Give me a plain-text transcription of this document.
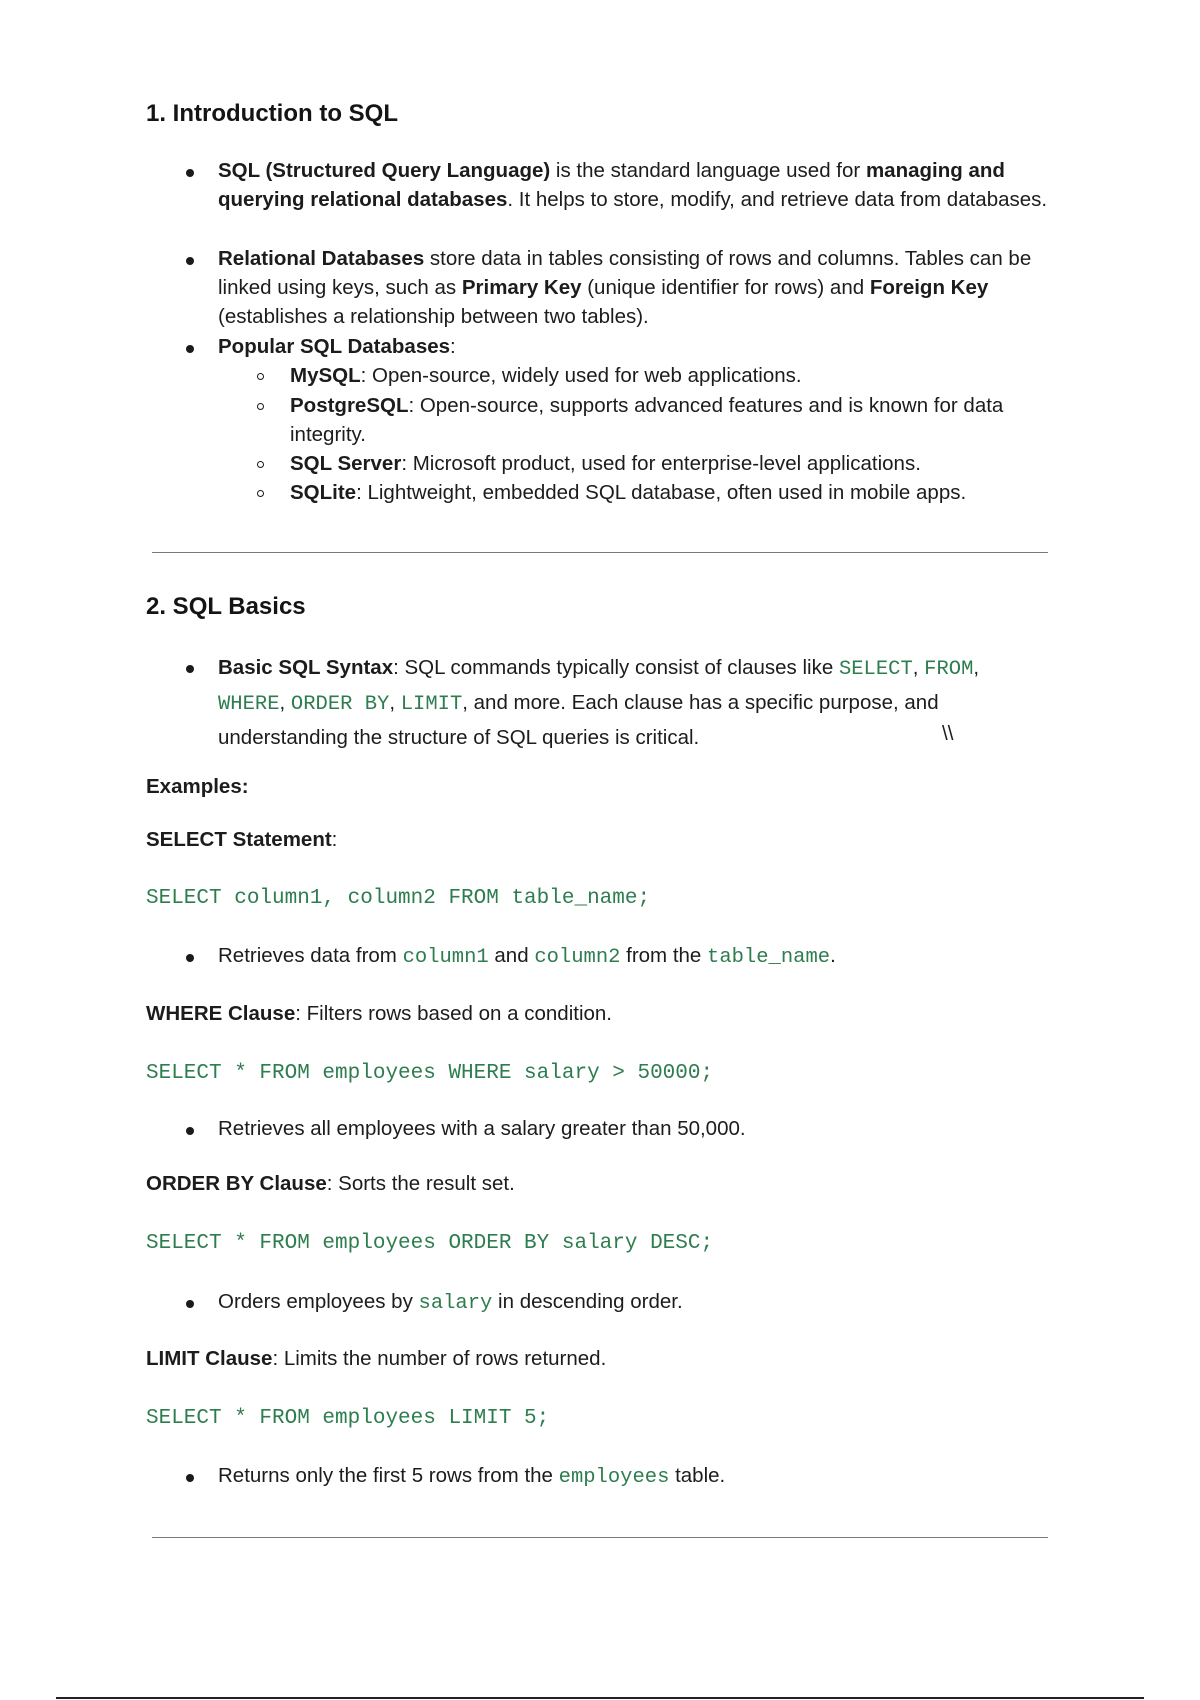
1. Introduction to SQL
SQL (Structured Query Language) is the standard language used for managing and querying relational databases. It helps to store, modify, and retrieve data from databases.
Relational Databases store data in tables consisting of rows and columns. Tables can be linked using keys, such as Primary Key (unique identifier for rows) and Foreign Key (establishes a relationship between two tables).
Popular SQL Databases:
MySQL: Open-source, widely used for web applications.
PostgreSQL: Open-source, supports advanced features and is known for data integrity.
SQL Server: Microsoft product, used for enterprise-level applications.
SQLite: Lightweight, embedded SQL database, often used in mobile apps.
2. SQL Basics
Basic SQL Syntax: SQL commands typically consist of clauses like SELECT, FROM, WHERE, ORDER BY, LIMIT, and more. Each clause has a specific purpose, and understanding the structure of SQL queries is critical.	\\
Examples:
SELECT Statement:
SELECT column1, column2 FROM table_name;
Retrieves data from column1 and column2 from the table_name.
WHERE Clause: Filters rows based on a condition.
SELECT * FROM employees WHERE salary > 50000;
Retrieves all employees with a salary greater than 50,000.
ORDER BY Clause: Sorts the result set.
SELECT * FROM employees ORDER BY salary DESC;
Orders employees by salary in descending order.
LIMIT Clause: Limits the number of rows returned.
SELECT * FROM employees LIMIT 5;
Returns only the first 5 rows from the employees table.
